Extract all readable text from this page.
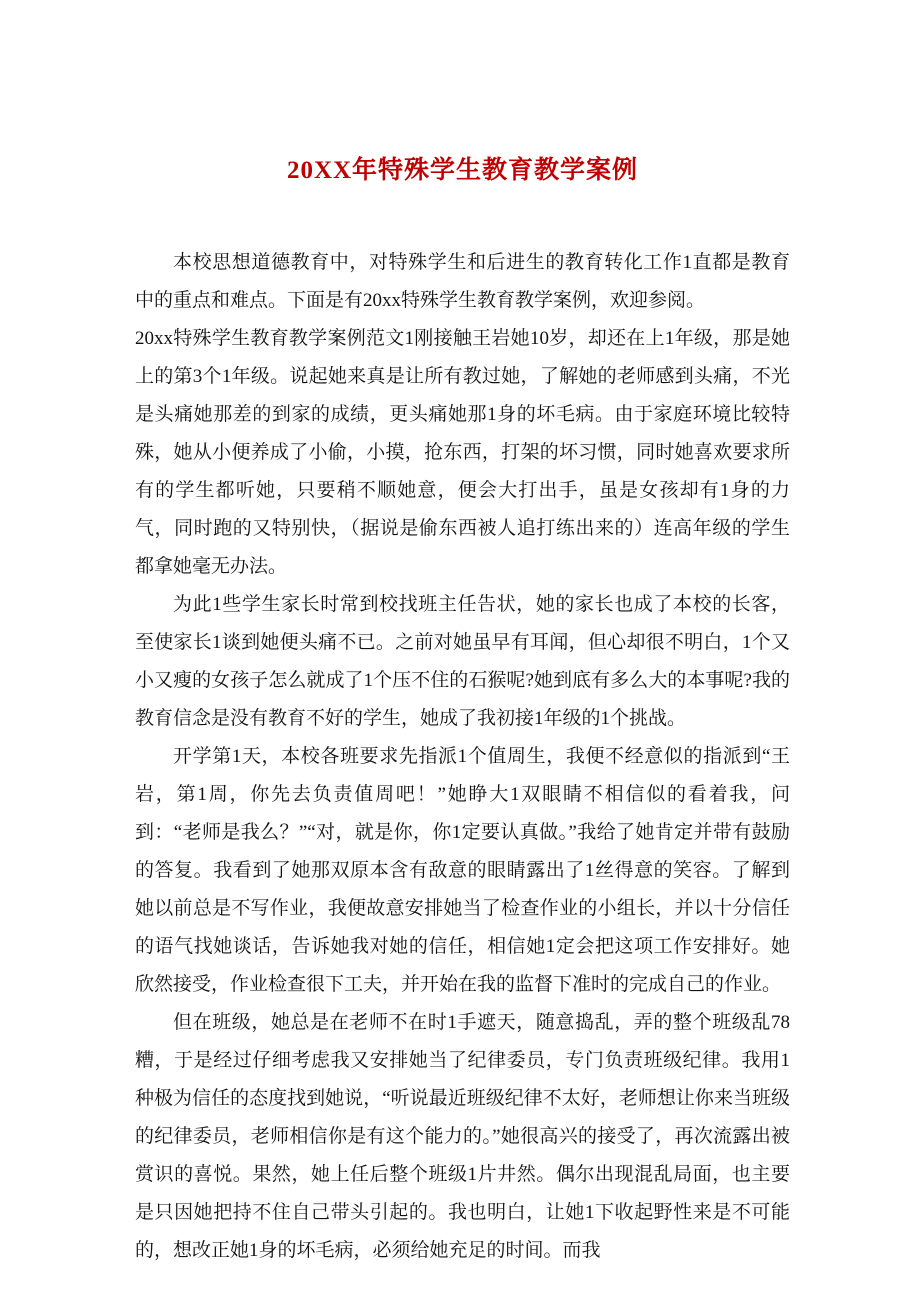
20XX年特殊学生教育教学案例

本校思想道德教育中，对特殊学生和后进生的教育转化工作1直都是教育中的重点和难点。下面是有20xx特殊学生教育教学案例，欢迎参阅。

20xx特殊学生教育教学案例范文1刚接触王岩她10岁，却还在上1年级，那是她上的第3个1年级。说起她来真是让所有教过她，了解她的老师感到头痛，不光是头痛她那差的到家的成绩，更头痛她那1身的坏毛病。由于家庭环境比较特殊，她从小便养成了小偷，小摸，抢东西，打架的坏习惯，同时她喜欢要求所有的学生都听她，只要稍不顺她意，便会大打出手，虽是女孩却有1身的力气，同时跑的又特别快，（据说是偷东西被人追打练出来的）连高年级的学生都拿她毫无办法。

为此1些学生家长时常到校找班主任告状，她的家长也成了本校的长客，至使家长1谈到她便头痛不已。之前对她虽早有耳闻，但心却很不明白，1个又小又瘦的女孩子怎么就成了1个压不住的石猴呢?她到底有多么大的本事呢?我的教育信念是没有教育不好的学生，她成了我初接1年级的1个挑战。

开学第1天，本校各班要求先指派1个值周生，我便不经意似的指派到“王岩，第1周，你先去负责值周吧！”她睁大1双眼睛不相信似的看着我，问到：“老师是我么？”“对，就是你，你1定要认真做。”我给了她肯定并带有鼓励的答复。我看到了她那双原本含有敌意的眼睛露出了1丝得意的笑容。了解到她以前总是不写作业，我便故意安排她当了检查作业的小组长，并以十分信任的语气找她谈话，告诉她我对她的信任，相信她1定会把这项工作安排好。她欣然接受，作业检查很下工夫，并开始在我的监督下准时的完成自己的作业。

但在班级，她总是在老师不在时1手遮天，随意捣乱，弄的整个班级乱78糟，于是经过仔细考虑我又安排她当了纪律委员，专门负责班级纪律。我用1种极为信任的态度找到她说，“听说最近班级纪律不太好，老师想让你来当班级的纪律委员，老师相信你是有这个能力的。”她很高兴的接受了，再次流露出被赏识的喜悦。果然，她上任后整个班级1片井然。偶尔出现混乱局面，也主要是只因她把持不住自己带头引起的。我也明白，让她1下收起野性来是不可能的，想改正她1身的坏毛病，必须给她充足的时间。而我
